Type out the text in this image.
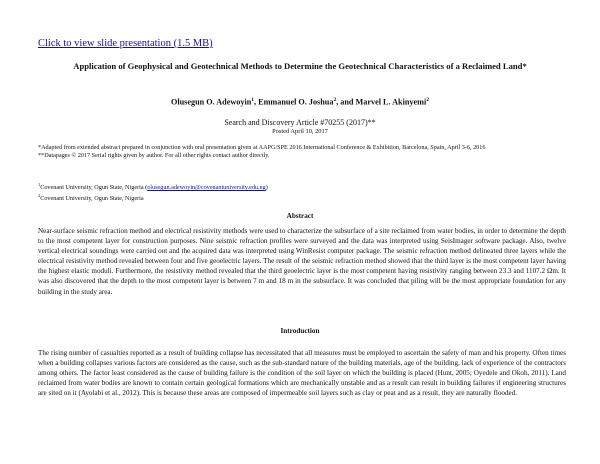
Click to view slide presentation (1.5 MB)
Application of Geophysical and Geotechnical Methods to Determine the Geotechnical Characteristics of a Reclaimed Land*
Olusegun O. Adewoyin$^1$, Emmanuel O. Joshua$^2$, and Marvel L. Akinyemi$^2$
Search and Discovery Article #70255 (2017)**
Posted April 10, 2017

*Adapted from extended abstract prepared in conjunction with oral presentation given at AAPG/SPE 2016 International Conference & Exhibition, Barcelona, Spain, April 3-6, 2016

**Datapages © 2017 Serial rights given by author. For all other rights contact author directly.

$^1$Covenant University, Ogun State, Nigeria (olusegun.adewoyin@covenantuniversity.edu.ng)

$^2$Covenant University, Ogun State, Nigeria

Abstract

Near-surface seismic refraction method and electrical resistivity methods were used to characterize the subsurface of a site reclaimed from water bodies, in order to determine the depth to the most competent layer for construction purposes. Nine seismic refraction profiles were surveyed and the data was interpreted using SeisImager software package. Also, twelve vertical electrical soundings were carried out and the acquired data was interpreted using WinResist computer package. The seismic refraction method delineated three layers while the electrical resistivity method revealed between four and five geoelectric layers. The result of the seismic refraction method showed that the third layer is the most competent layer having the highest elastic moduli. Furthermore, the resistivity method revealed that the third geoelectric layer is the most competent having resistivity ranging between 23.3 and 1107.2 Ωm. It was also discovered that the depth to the most competent layer is between 7 m and 18 m in the subsurface. It was concluded that piling will be the most appropriate foundation for any building in the study area.

Introduction

The rising number of casualties reported as a result of building collapse has necessitated that all measures must be employed to ascertain the safety of man and his property. Often times when a building collapses various factors are considered as the cause, such as the sub-standard nature of the building materials, age of the building, lack of experience of the contractors among others. The factor least considered as the cause of building failure is the condition of the soil layer on which the building is placed (Hunt, 2005; Oyedele and Okoh, 2011). Land reclaimed from water bodies are known to contain certain geological formations which are mechanically unstable and as a result can result in building failures if engineering structures are sited on it (Ayolabi et al., 2012). This is because these areas are composed of impermeable soil layers such as clay or peat and as a result, they are naturally flooded.
